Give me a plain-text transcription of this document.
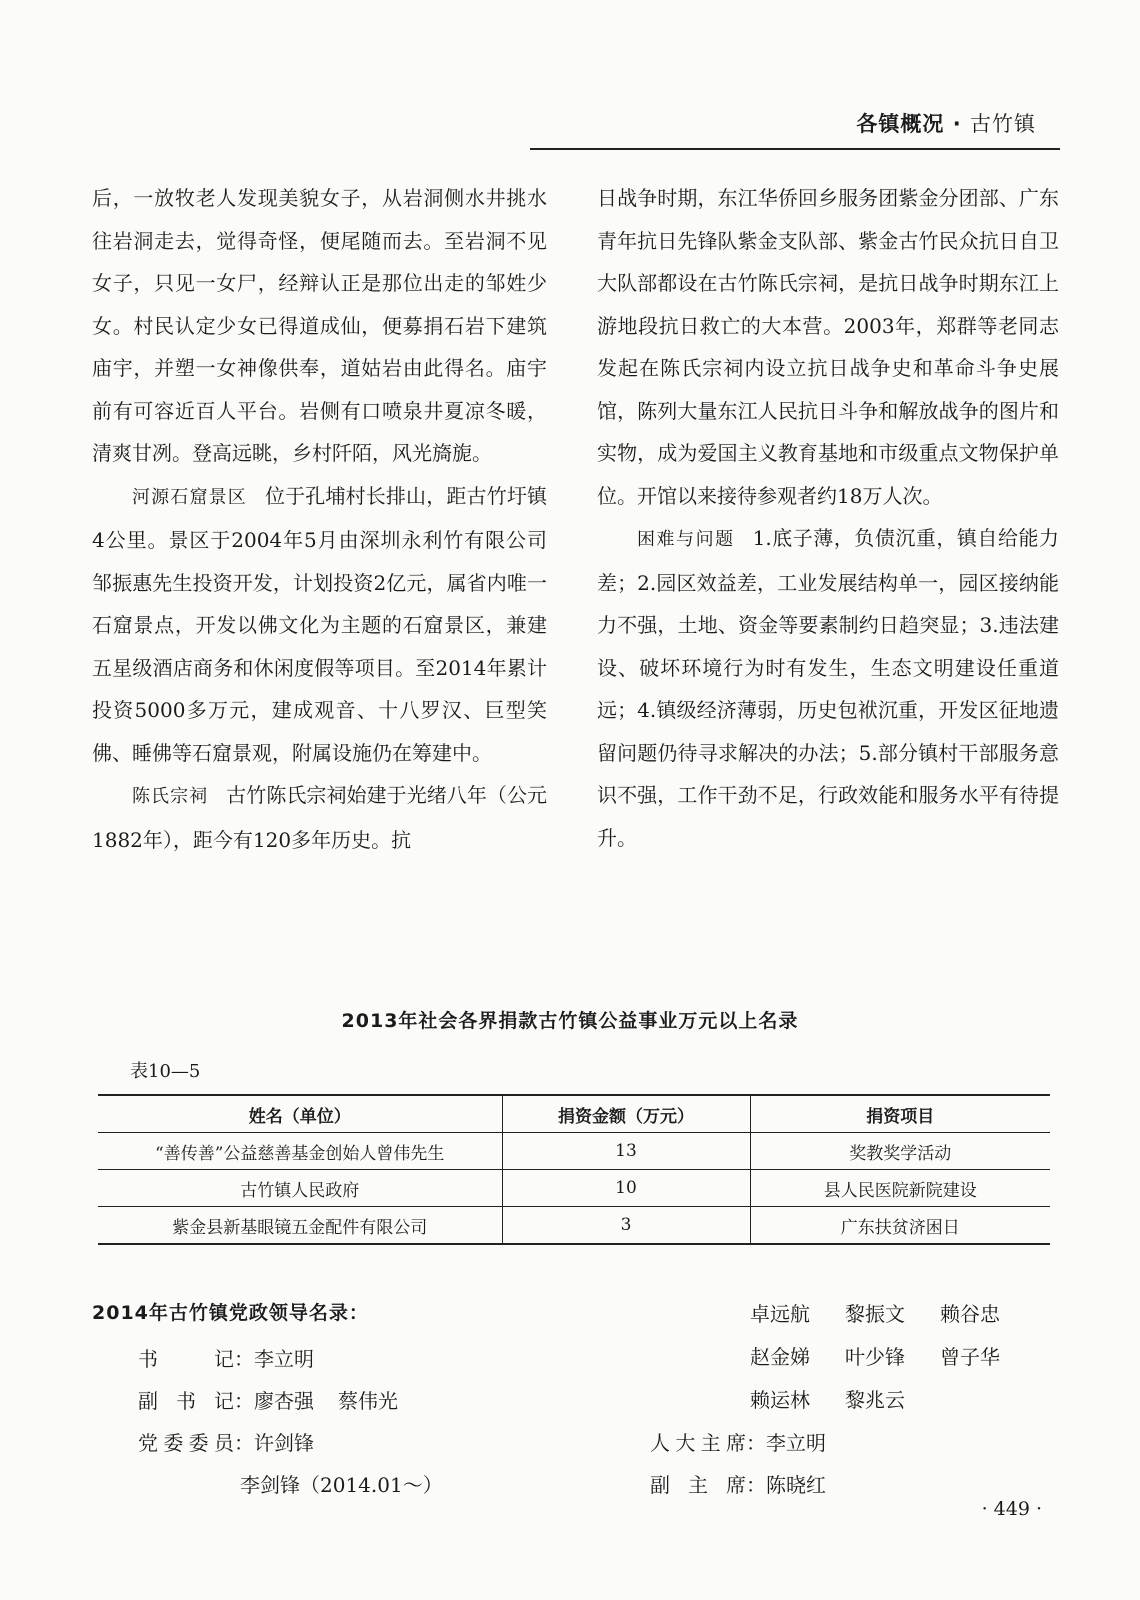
各镇概况 · 古竹镇

后，一放牧老人发现美貌女子，从岩洞侧水井挑水往岩洞走去，觉得奇怪，便尾随而去。至岩洞不见女子，只见一女尸，经辩认正是那位出走的邹姓少女。村民认定少女已得道成仙，便募捐石岩下建筑庙宇，并塑一女神像供奉，道姑岩由此得名。庙宇前有可容近百人平台。岩侧有口喷泉井夏凉冬暖，清爽甘冽。登高远眺，乡村阡陌，风光旖旎。

河源石窟景区 位于孔埔村长排山，距古竹圩镇4公里。景区于2004年5月由深圳永利竹有限公司邹振惠先生投资开发，计划投资2亿元，属省内唯一石窟景点，开发以佛文化为主题的石窟景区，兼建五星级酒店商务和休闲度假等项目。至2014年累计投资5000多万元，建成观音、十八罗汉、巨型笑佛、睡佛等石窟景观，附属设施仍在筹建中。

陈氏宗祠 古竹陈氏宗祠始建于光绪八年（公元1882年），距今有120多年历史。抗

日战争时期，东江华侨回乡服务团紫金分团部、广东青年抗日先锋队紫金支队部、紫金古竹民众抗日自卫大队部都设在古竹陈氏宗祠，是抗日战争时期东江上游地段抗日救亡的大本营。2003年，郑群等老同志发起在陈氏宗祠内设立抗日战争史和革命斗争史展馆，陈列大量东江人民抗日斗争和解放战争的图片和实物，成为爱国主义教育基地和市级重点文物保护单位。开馆以来接待参观者约18万人次。

困难与问题 1.底子薄，负债沉重，镇自给能力差；2.园区效益差，工业发展结构单一，园区接纳能力不强，土地、资金等要素制约日趋突显；3.违法建设、破坏环境行为时有发生，生态文明建设任重道远；4.镇级经济薄弱，历史包袱沉重，开发区征地遗留问题仍待寻求解决的办法；5.部分镇村干部服务意识不强，工作干劲不足，行政效能和服务水平有待提升。

2013年社会各界捐款古竹镇公益事业万元以上名录
表10—5
姓名（单位）	捐资金额（万元）	捐资项目
“善传善”公益慈善基金创始人曾伟先生	13	奖教奖学活动
古竹镇人民政府	10	县人民医院新院建设
紫金县新基眼镜五金配件有限公司	3	广东扶贫济困日
2014年古竹镇党政领导名录：
书记：李立明
副书记：廖杏强 蔡伟光
党委委员：许剑锋
李剑锋（2014.01～）
卓远航 黎振文 赖谷忠
赵金娣 叶少锋 曾子华
赖运林 黎兆云
人大主席：李立明
副主席：陈晓红
· 449 ·
